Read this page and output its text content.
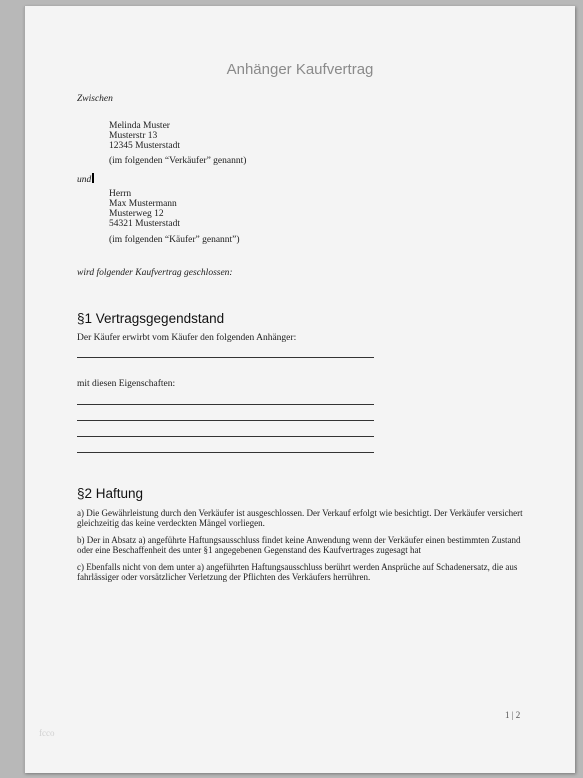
Anhänger Kaufvertrag
Zwischen
Melinda Muster
Musterstr 13
12345 Musterstadt
(im folgenden “Verkäufer” genannt)
und
Herrn
Max Mustermann
Musterweg 12
54321 Musterstadt
(im folgenden “Käufer” genannt”)
wird folgender Kaufvertrag geschlossen:
§1 Vertragsgegendstand
Der Käufer erwirbt vom Käufer den folgenden Anhänger:
mit diesen Eigenschaften:
§2 Haftung
a) Die Gewährleistung durch den Verkäufer ist ausgeschlossen. Der Verkauf erfolgt wie besichtigt. Der Verkäufer versichert gleichzeitig das keine verdeckten Mängel vorliegen.
b) Der in Absatz a) angeführte Haftungsausschluss findet keine Anwendung wenn der Verkäufer einen bestimmten Zustand oder eine Beschaffenheit des unter §1 angegebenen Gegenstand des Kaufvertrages zugesagt hat
c) Ebenfalls nicht von dem unter a) angeführten Haftungsausschluss berührt werden Ansprüche auf Schadenersatz, die aus fahrlässiger oder vorsätzlicher Verletzung der Pflichten des Verkäufers herrühren.
fcco
1 | 2
